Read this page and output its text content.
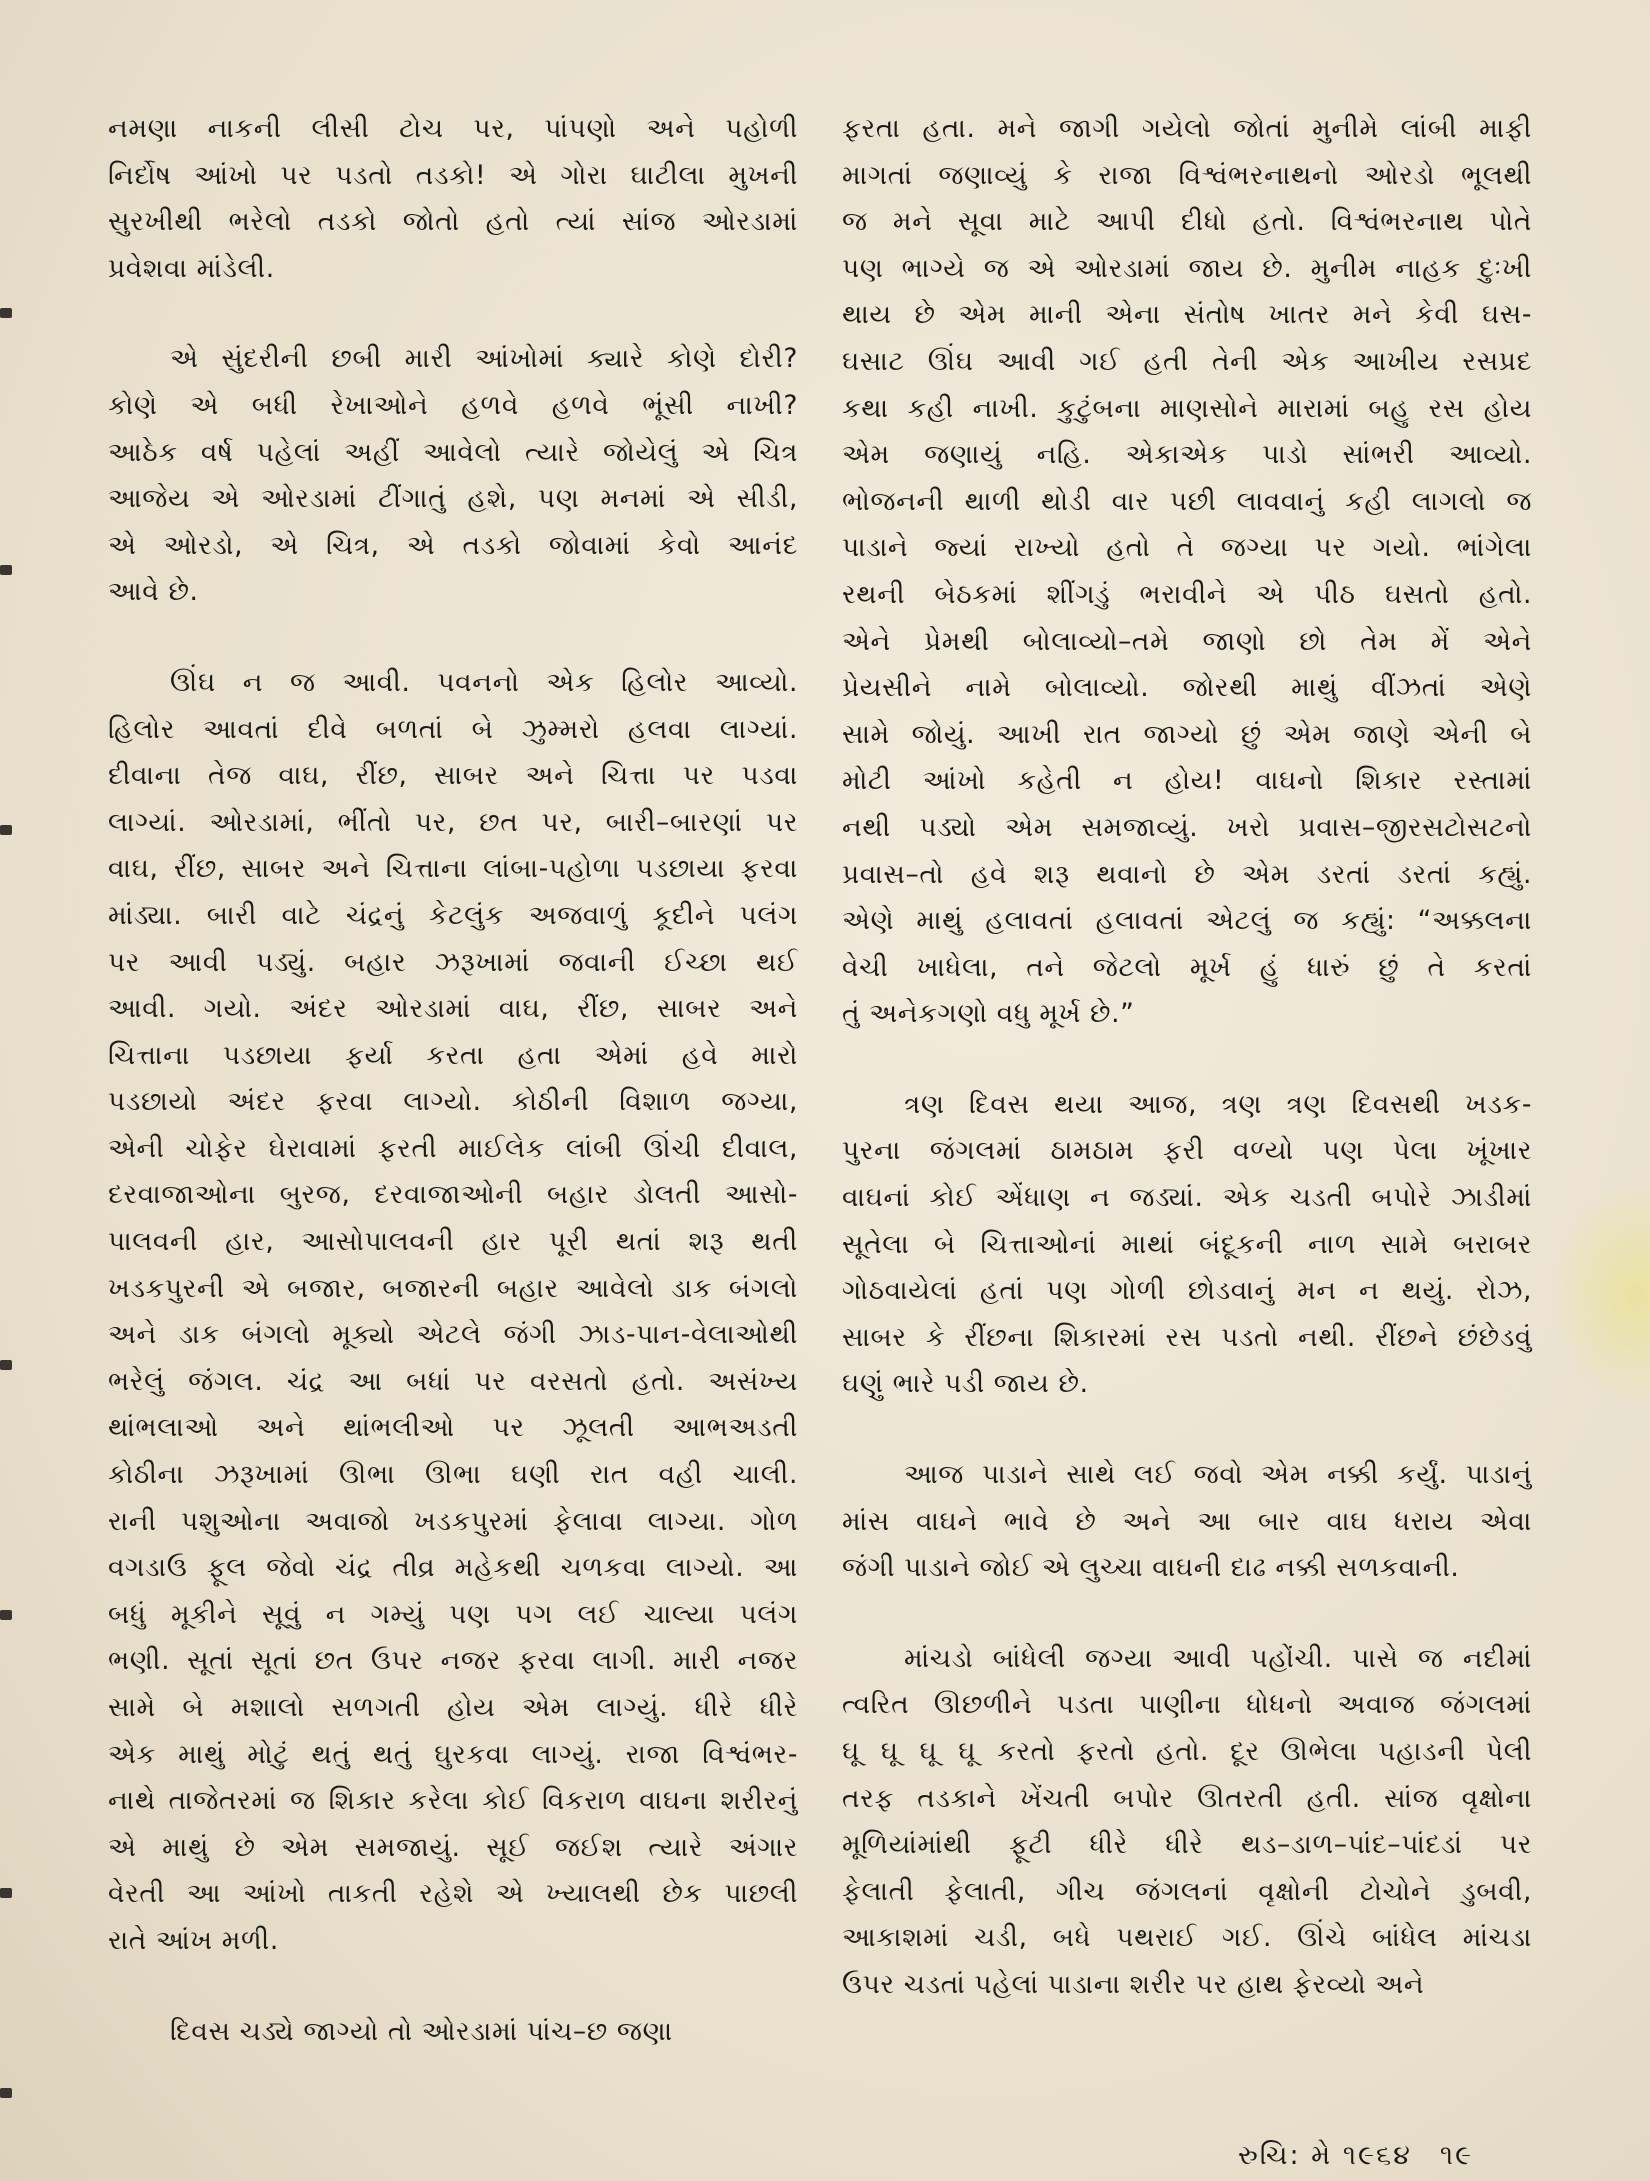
નમણા નાકની લીસી ટોચ પર, પાંપણો અને પહોળી
નિર્દોષ આંખો પર પડતો તડકો! એ ગોરા ઘાટીલા મુખની
સુરખીથી ભરેલો તડકો જોતો હતો ત્યાં સાંજ ઓરડામાં
પ્રવેશવા માંડેલી.
એ સુંદરીની છબી મારી આંખોમાં ક્યારે કોણે દોરી?
કોણે એ બધી રેખાઓને હળવે હળવે ભૂંસી નાખી?
આઠેક વર્ષ પહેલાં અહીં આવેલો ત્યારે જોયેલું એ ચિત્ર
આજેય એ ઓરડામાં ટીંગાતું હશે, પણ મનમાં એ સીડી,
એ ઓરડો, એ ચિત્ર, એ તડકો જોવામાં કેવો આનંદ
આવે છે.
ઊંઘ ન જ આવી. પવનનો એક હિલોર આવ્યો.
હિલોર આવતાં દીવે બળતાં બે ઝુમ્મરો હલવા લાગ્યાં.
દીવાના તેજ વાઘ, રીંછ, સાબર અને ચિત્તા પર પડવા
લાગ્યાં. ઓરડામાં, ભીંતો પર, છત પર, બારી–બારણાં પર
વાઘ, રીંછ, સાબર અને ચિત્તાના લાંબા-પહોળા પડછાયા ફરવા
માંડ્યા. બારી વાટે ચંદ્રનું કેટલુંક અજવાળું કૂદીને પલંગ
પર આવી પડ્યું. બહાર ઝરૂખામાં જવાની ઈચ્છા થઈ
આવી. ગયો. અંદર ઓરડામાં વાઘ, રીંછ, સાબર અને
ચિત્તાના પડછાયા ફર્યા કરતા હતા એમાં હવે મારો
પડછાયો અંદર ફરવા લાગ્યો. કોઠીની વિશાળ જગ્યા,
એની ચોફેર ઘેરાવામાં ફરતી માઈલેક લાંબી ઊંચી દીવાલ,
દરવાજાઓના બુરજ, દરવાજાઓની બહાર ડોલતી આસો-
પાલવની હાર, આસોપાલવની હાર પૂરી થતાં શરૂ થતી
ખડકપુરની એ બજાર, બજારની બહાર આવેલો ડાક બંગલો
અને ડાક બંગલો મૂક્યો એટલે જંગી ઝાડ-પાન-વેલાઓથી
ભરેલું જંગલ. ચંદ્ર આ બધાં પર વરસતો હતો. અસંખ્ય
થાંભલાઓ અને થાંભલીઓ પર ઝૂલતી આભઅડતી
કોઠીના ઝરૂખામાં ઊભા ઊભા ઘણી રાત વહી ચાલી.
રાની પશુઓના અવાજો ખડકપુરમાં ફેલાવા લાગ્યા. ગોળ
વગડાઉ ફૂલ જેવો ચંદ્ર તીવ્ર મહેકથી ચળકવા લાગ્યો. આ
બધું મૂકીને સૂવું ન ગમ્યું પણ પગ લઈ ચાલ્યા પલંગ
ભણી. સૂતાં સૂતાં છત ઉપર નજર ફરવા લાગી. મારી નજર
સામે બે મશાલો સળગતી હોય એમ લાગ્યું. ધીરે ધીરે
એક માથું મોટું થતું થતું ઘુરકવા લાગ્યું. રાજા વિશ્વંભર-
નાથે તાજેતરમાં જ શિકાર કરેલા કોઈ વિકરાળ વાઘના શરીરનું
એ માથું છે એમ સમજાયું. સૂઈ જઈશ ત્યારે અંગાર
વેરતી આ આંખો તાકતી રહેશે એ ખ્યાલથી છેક પાછલી
રાતે આંખ મળી.
દિવસ ચડ્યે જાગ્યો તો ઓરડામાં પાંચ–છ જણા
ફરતા હતા. મને જાગી ગયેલો જોતાં મુનીમે લાંબી માફી
માગતાં જણાવ્યું કે રાજા વિશ્વંભરનાથનો ઓરડો ભૂલથી
જ મને સૂવા માટે આપી દીધો હતો. વિશ્વંભરનાથ પોતે
પણ ભાગ્યે જ એ ઓરડામાં જાય છે. મુનીમ નાહક દુઃખી
થાય છે એમ માની એના સંતોષ ખાતર મને કેવી ઘસ-
ઘસાટ ઊંઘ આવી ગઈ હતી તેની એક આખીય રસપ્રદ
કથા કહી નાખી. કુટુંબના માણસોને મારામાં બહુ રસ હોય
એમ જણાયું નહિ. એકાએક પાડો સાંભરી આવ્યો.
ભોજનની થાળી થોડી વાર પછી લાવવાનું કહી લાગલો જ
પાડાને જ્યાં રાખ્યો હતો તે જગ્યા પર ગયો. ભાંગેલા
રથની બેઠકમાં શીંગડું ભરાવીને એ પીઠ ઘસતો હતો.
એને પ્રેમથી બોલાવ્યો–તમે જાણો છો તેમ મેં એને
પ્રેયસીને નામે બોલાવ્યો. જોરથી માથું વીંઝતાં એણે
સામે જોયું. આખી રાત જાગ્યો છું એમ જાણે એની બે
મોટી આંખો કહેતી ન હોય! વાઘનો શિકાર રસ્તામાં
નથી પડ્યો એમ સમજાવ્યું. ખરો પ્રવાસ–જીરસટોસટનો
પ્રવાસ–તો હવે શરૂ થવાનો છે એમ ડરતાં ડરતાં કહ્યું.
એણે માથું હલાવતાં હલાવતાં એટલું જ કહ્યું: “અક્કલના
વેચી ખાધેલા, તને જેટલો મૂર્ખ હું ધારું છું તે કરતાં
તું અનેકગણો વધુ મૂર્ખ છે.”
ત્રણ દિવસ થયા આજ, ત્રણ ત્રણ દિવસથી ખડક-
પુરના જંગલમાં ઠામઠામ ફરી વળ્યો પણ પેલા ખૂંખાર
વાઘનાં કોઈ એંધાણ ન જડ્યાં. એક ચડતી બપોરે ઝાડીમાં
સૂતેલા બે ચિત્તાઓનાં માથાં બંદૂકની નાળ સામે બરાબર
ગોઠવાયેલાં હતાં પણ ગોળી છોડવાનું મન ન થયું. રોઝ,
સાબર કે રીંછના શિકારમાં રસ પડતો નથી. રીંછને છંછેડવું
ઘણું ભારે પડી જાય છે.
આજ પાડાને સાથે લઈ જવો એમ નક્કી કર્યું. પાડાનું
માંસ વાઘને ભાવે છે અને આ બાર વાઘ ધરાય એવા
જંગી પાડાને જોઈ એ લુચ્ચા વાઘની દાઢ નક્કી સળકવાની.
માંચડો બાંધેલી જગ્યા આવી પહોંચી. પાસે જ નદીમાં
ત્વરિત ઊછળીને પડતા પાણીના ધોધનો અવાજ જંગલમાં
ઘૂ ઘૂ ઘૂ ઘૂ કરતો ફરતો હતો. દૂર ઊભેલા પહાડની પેલી
તરફ તડકાને ખેંચતી બપોર ઊતરતી હતી. સાંજ વૃક્ષોના
મૂળિયાંમાંથી ફૂટી ધીરે ધીરે થડ–ડાળ–પાંદ–પાંદડાં પર
ફેલાતી ફેલાતી, ગીચ જંગલનાં વૃક્ષોની ટોચોને ડુબવી,
આકાશમાં ચડી, બધે પથરાઈ ગઈ. ઊંચે બાંધેલ માંચડા
ઉપર ચડતાં પહેલાં પાડાના શરીર પર હાથ ફેરવ્યો અને
રુચિ: મે ૧૯૬૪ ૧૯
